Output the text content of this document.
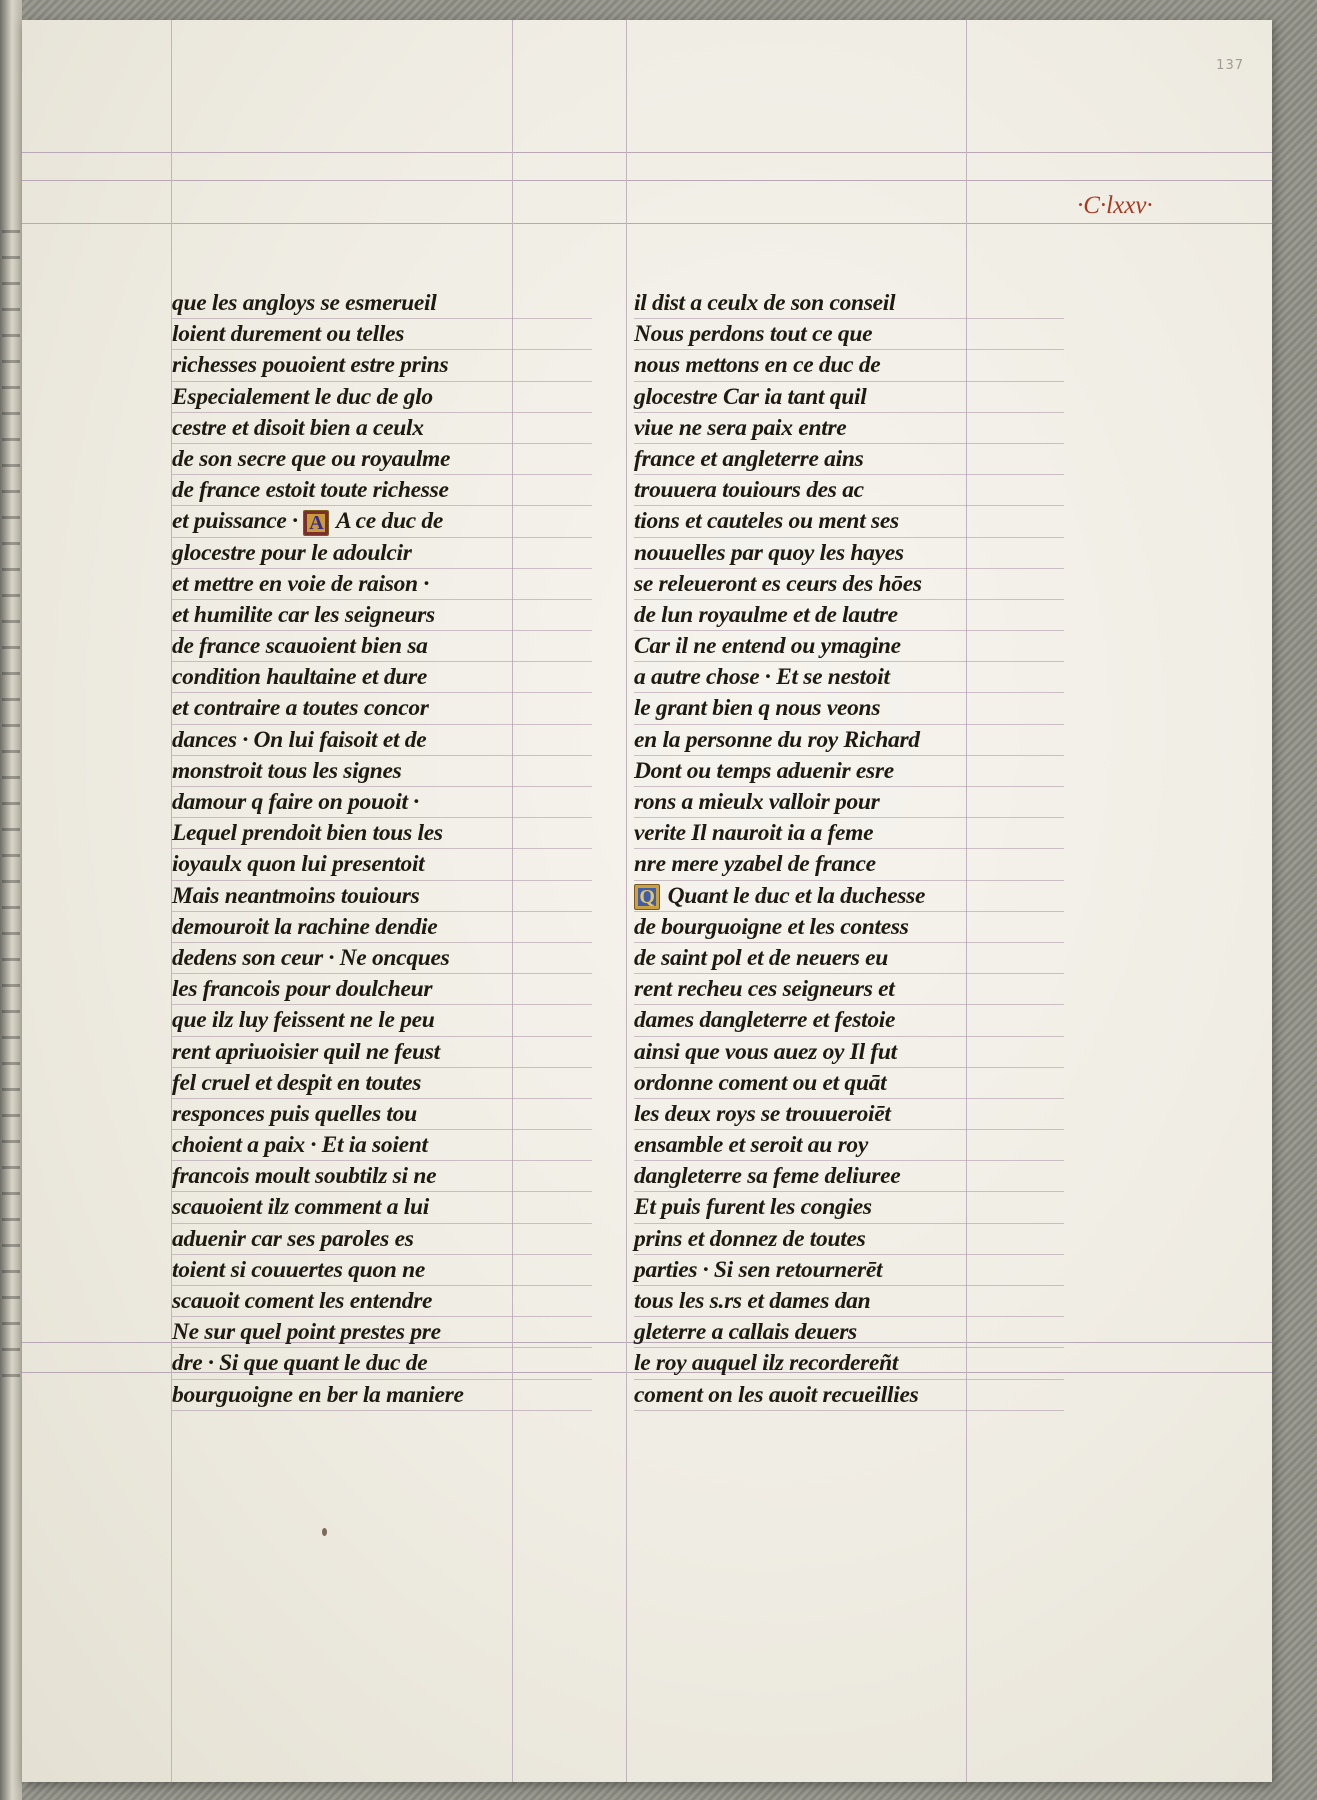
137
·C·lxxv·
que les angloys se esmerueil
loient durement ou telles
richesses pouoient estre prins
Especialement le duc de glo
cestre et disoit bien a ceulx
de son secre que ou royaulme
de france estoit toute richesse
et puissance · A A ce duc de
glocestre pour le adoulcir
et mettre en voie de raison ·
et humilite car les seigneurs
de france scauoient bien sa
condition haultaine et dure
et contraire a toutes concor
dances · On lui faisoit et de
monstroit tous les signes
damour q faire on pouoit ·
Lequel prendoit bien tous les
ioyaulx quon lui presentoit
Mais neantmoins touiours
demouroit la rachine dendie
dedens son ceur · Ne oncques
les francois pour doulcheur
que ilz luy feissent ne le peu
rent apriuoisier quil ne feust
fel cruel et despit en toutes
responces puis quelles tou
choient a paix · Et ia soient
francois moult soubtilz si ne
scauoient ilz comment a lui
aduenir car ses paroles es
toient si couuertes quon ne
scauoit coment les entendre
Ne sur quel point prestes pre
dre · Si que quant le duc de
bourguoigne en ber la maniere
il dist a ceulx de son conseil
Nous perdons tout ce que
nous mettons en ce duc de
glocestre Car ia tant quil
viue ne sera paix entre
france et angleterre ains
trouuera touiours des ac
tions et cauteles ou ment ses
nouuelles par quoy les hayes
se releueront es ceurs des hōes
de lun royaulme et de lautre
Car il ne entend ou ymagine
a autre chose · Et se nestoit
le grant bien q nous veons
en la personne du roy Richard
Dont ou temps aduenir esre
rons a mieulx valloir pour
verite Il nauroit ia a feme
nre mere yzabel de france
Q Quant le duc et la duchesse
de bourguoigne et les contess
de saint pol et de neuers eu
rent recheu ces seigneurs et
dames dangleterre et festoie
ainsi que vous auez oy Il fut
ordonne coment ou et quāt
les deux roys se trouueroiēt
ensamble et seroit au roy
dangleterre sa feme deliuree
Et puis furent les congies
prins et donnez de toutes
parties · Si sen retournerēt
tous les s.rs et dames dan
gleterre a callais deuers
le roy auquel ilz recordereñt
coment on les auoit recueillies
